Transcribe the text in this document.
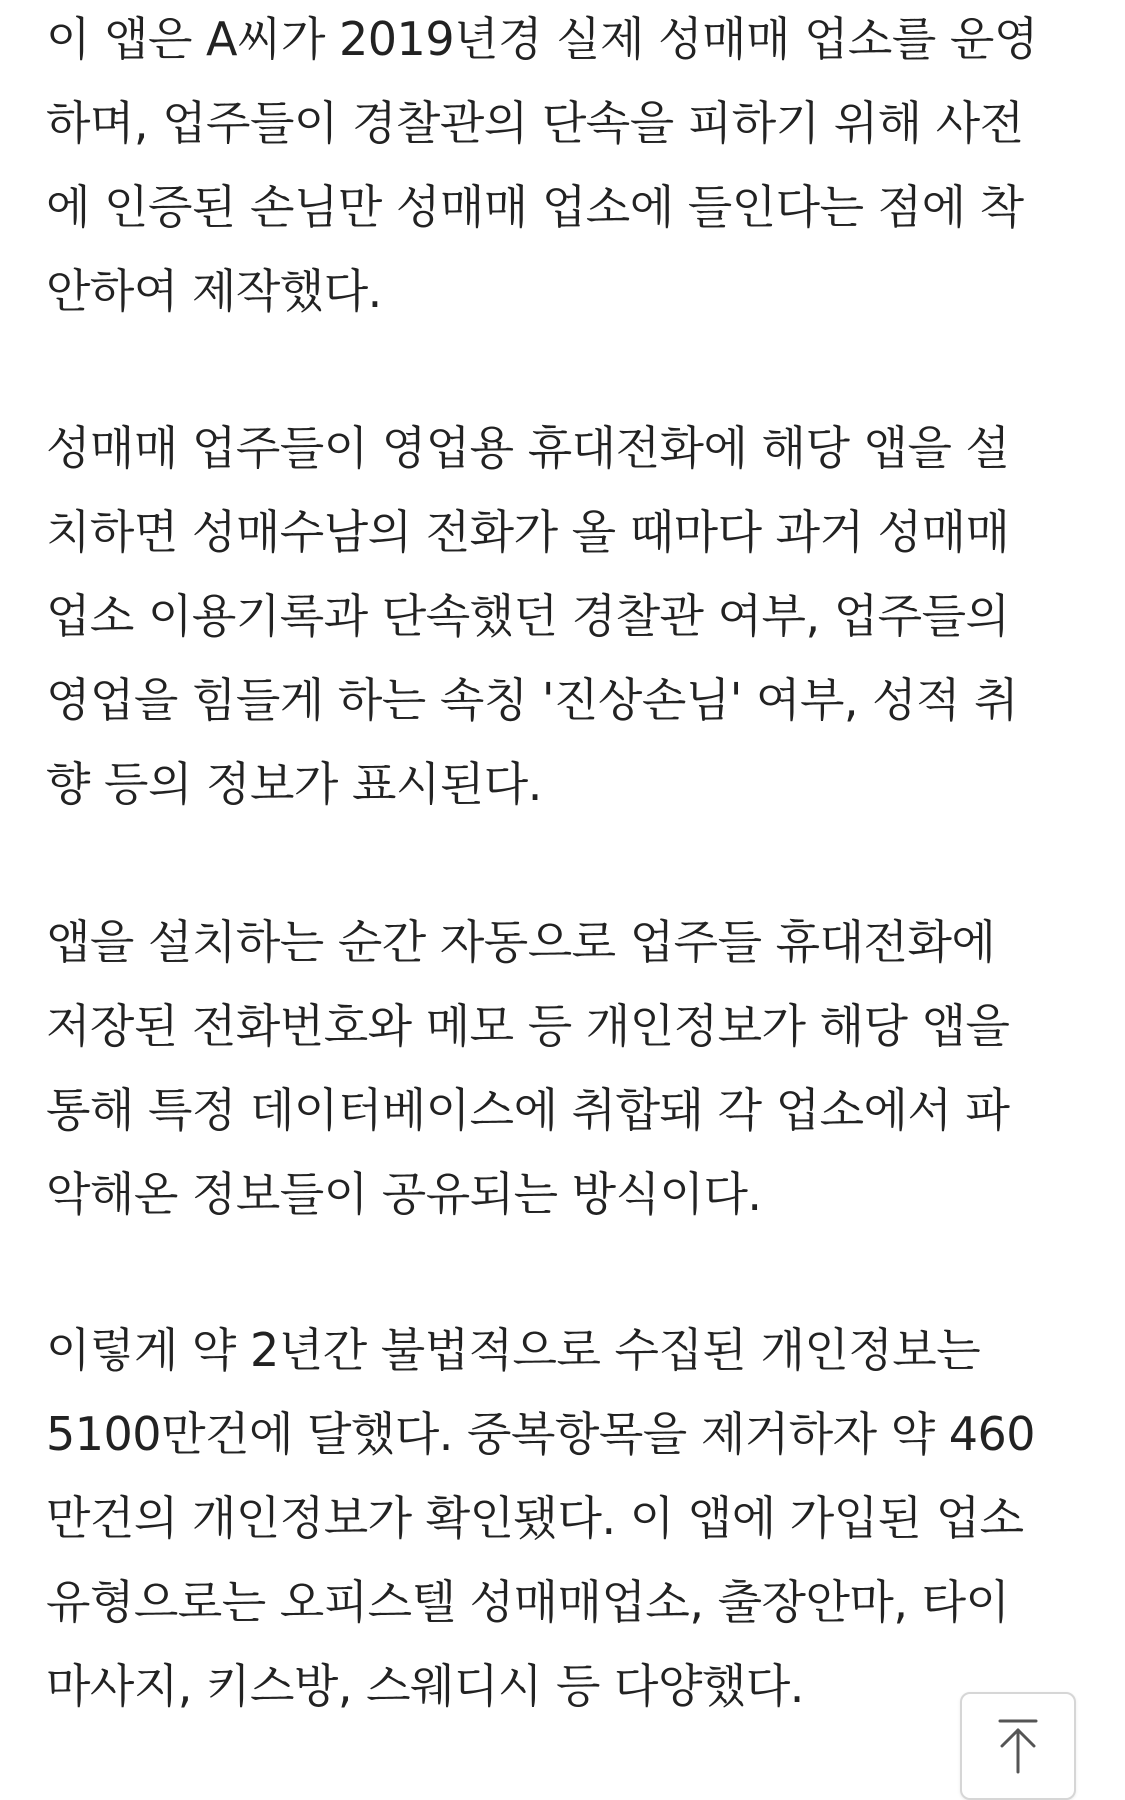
이 앱은 A씨가 2019년경 실제 성매매 업소를 운영
하며, 업주들이 경찰관의 단속을 피하기 위해 사전
에 인증된 손님만 성매매 업소에 들인다는 점에 착
안하여 제작했다.

성매매 업주들이 영업용 휴대전화에 해당 앱을 설
치하면 성매수남의 전화가 올 때마다 과거 성매매
업소 이용기록과 단속했던 경찰관 여부, 업주들의
영업을 힘들게 하는 속칭 '진상손님' 여부, 성적 취
향 등의 정보가 표시된다.

앱을 설치하는 순간 자동으로 업주들 휴대전화에
저장된 전화번호와 메모 등 개인정보가 해당 앱을
통해 특정 데이터베이스에 취합돼 각 업소에서 파
악해온 정보들이 공유되는 방식이다.

이렇게 약 2년간 불법적으로 수집된 개인정보는
5100만건에 달했다. 중복항목을 제거하자 약 460
만건의 개인정보가 확인됐다. 이 앱에 가입된 업소
유형으로는 오피스텔 성매매업소, 출장안마, 타이
마사지, 키스방, 스웨디시 등 다양했다.
